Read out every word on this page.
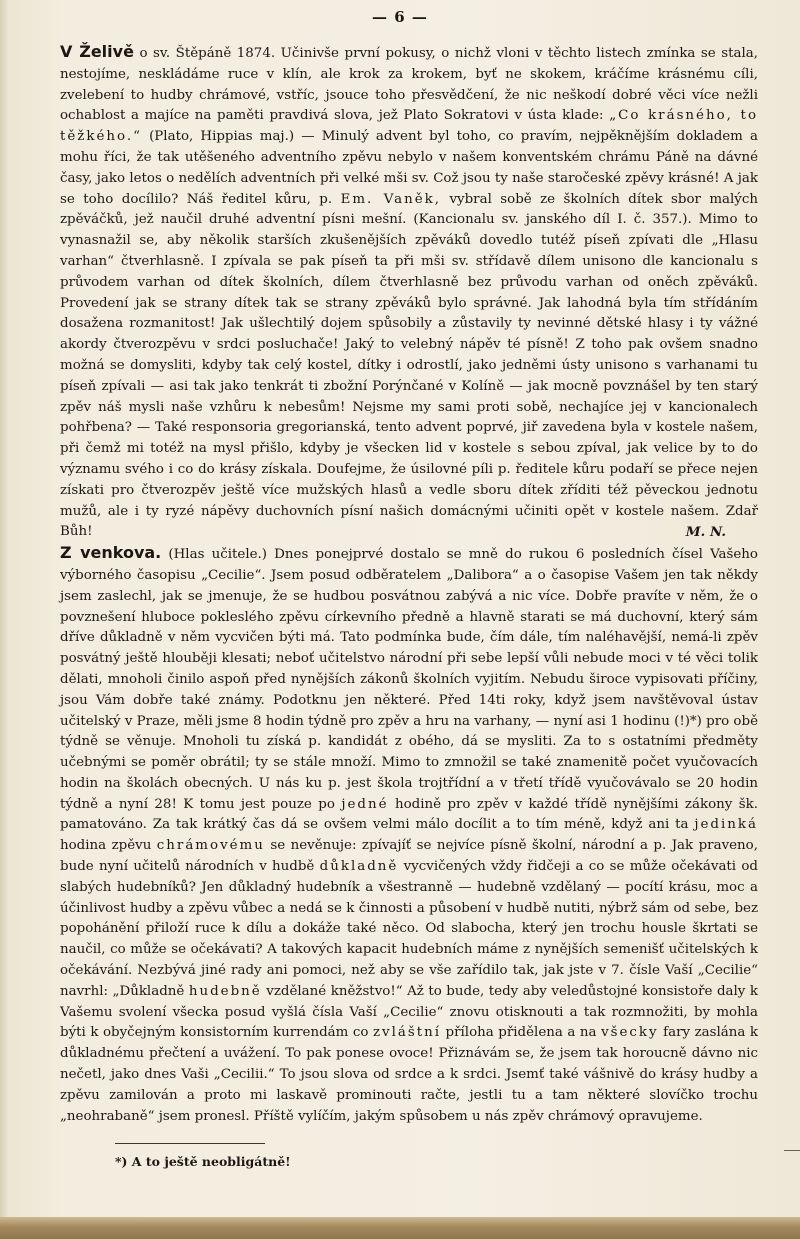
— 6 —

V Želivě o sv. Štěpáně 1874. Učinivše první pokusy, o nichž vloni v těchto listech zmínka se stala, nestojíme, neskládáme ruce v klín, ale krok za krokem, byť ne skokem, kráčíme krásnému cíli, zvelebení to hudby chrámové, vstříc, jsouce toho přesvědčení, že nic neškodí dobré věci více nežli ochablost a majíce na paměti pravdivá slova, jež Plato Sokratovi v ústa klade: „Co krásného, to těžkého.“ (Plato, Hippias maj.) — Minulý advent byl toho, co pravím, nejpěknějším dokladem a mohu říci, že tak utěšeného adventního zpěvu nebylo v našem konventském chrámu Páně na dávné časy, jako letos o nedělích adventních při velké mši sv. Což jsou ty naše staročeské zpěvy krásné! A jak se toho docílilo? Náš ředitel kůru, p. Em. Vaněk, vybral sobě ze školních dítek sbor malých zpěváčků, jež naučil druhé adventní písni mešní. (Kancionalu sv. janského díl I. č. 357.). Mimo to vynasnažil se, aby několik starších zkušenějších zpěváků dovedlo tutéž píseň zpívati dle „Hlasu varhan“ čtverhlasně. I zpívala se pak píseň ta při mši sv. střídavě dílem unisono dle kancionalu s průvodem varhan od dítek školních, dílem čtverhlasně bez průvodu varhan od oněch zpěváků. Provedení jak se strany dítek tak se strany zpěváků bylo správné. Jak lahodná byla tím střídáním dosažena rozmanitost! Jak ušlechtilý dojem spůsobily a zůstavily ty nevinné dětské hlasy i ty vážné akordy čtverozpěvu v srdci posluchače! Jaký to velebný nápěv té písně! Z toho pak ovšem snadno možná se domysliti, kdyby tak celý kostel, dítky i odrostlí, jako jedněmi ústy unisono s varhanami tu píseň zpívali — asi tak jako tenkrát ti zbožní Porýnčané v Kolíně — jak mocně povznášel by ten starý zpěv náš mysli naše vzhůru k nebesům! Nejsme my sami proti sobě, nechajíce jej v kancionalech pohřbena? — Také responsoria gregorianská, tento advent poprvé, jiř zavedena byla v kostele našem, při čemž mi totéž na mysl přišlo, kdyby je všecken lid v kostele s sebou zpíval, jak velice by to do významu svého i co do krásy získala. Doufejme, že úsilovné píli p. ředitele kůru podaří se přece nejen získati pro čtverozpěv ještě více mužských hlasů a vedle sboru dítek zříditi též pěveckou jednotu mužů, ale i ty ryzé nápěvy duchovních písní našich domácnými učiniti opět v kostele našem. Zdař Bůh!	M. N.

Z venkova. (Hlas učitele.) Dnes ponejprvé dostalo se mně do rukou 6 posledních čísel Vašeho výborného časopisu „Cecilie“. Jsem posud odběratelem „Dalibora“ a o časopise Vašem jen tak někdy jsem zaslechl, jak se jmenuje, že se hudbou posvátnou zabývá a nic více. Dobře pravíte v něm, že o povznešení hluboce pokleslého zpěvu církevního předně a hlavně starati se má duchovní, který sám dříve důkladně v něm vycvičen býti má. Tato podmínka bude, čím dále, tím naléhavější, nemá-li zpěv posvátný ještě hlouběji klesati; neboť učitelstvo národní při sebe lepší vůli nebude moci v té věci tolik dělati, mnoholi činilo aspoň před nynějších zákonů školních vyjitím. Nebudu široce vypisovati příčiny, jsou Vám dobře také známy. Podotknu jen některé. Před 14ti roky, když jsem navštěvoval ústav učitelský v Praze, měli jsme 8 hodin týdně pro zpěv a hru na varhany, — nyní asi 1 hodinu (!)*) pro obě týdně se věnuje. Mnoholi tu získá p. kandidát z obého, dá se mysliti. Za to s ostatními předměty učebnými se poměr obrátil; ty se stále množí. Mimo to zmnožil se také znamenitě počet vyučovacích hodin na školách obecných. U nás ku p. jest škola trojtřídní a v třetí třídě vyučovávalo se 20 hodin týdně a nyní 28! K tomu jest pouze po jedné hodině pro zpěv v každé třídě nynějšími zákony šk. pamatováno. Za tak krátký čas dá se ovšem velmi málo docílit a to tím méně, když ani ta jedinká hodina zpěvu chrámovému se nevěnuje: zpívajíť se nejvíce písně školní, národní a p. Jak praveno, bude nyní učitelů národních v hudbě důkladně vycvičených vždy řidčeji a co se může očekávati od slabých hudebníků? Jen důkladný hudebník a všestranně — hudebně vzdělaný — pocítí krásu, moc a účinlivost hudby a zpěvu vůbec a nedá se k činnosti a působení v hudbě nutiti, nýbrž sám od sebe, bez popohánění přiloží ruce k dílu a dokáže také něco. Od slabocha, který jen trochu housle škrtati se naučil, co může se očekávati? A takových kapacit hudebních máme z nynějších semenišť učitelských k očekávání. Nezbývá jiné rady ani pomoci, než aby se vše zařídilo tak, jak jste v 7. čísle Vaší „Cecilie“ navrhl: „Důkladně hudebně vzdělané kněžstvo!“ Až to bude, tedy aby veledůstojné konsistoře daly k Vašemu svolení všecka posud vyšlá čísla Vaší „Cecilie“ znovu otisknouti a tak rozmnožiti, by mohla býti k obyčejným konsistorním kurrendám co zvláštní příloha přidělena a na všecky fary zaslána k důkladnému přečtení a uvážení. To pak ponese ovoce! Přiznávám se, že jsem tak horoucně dávno nic nečetl, jako dnes Vaši „Cecilii.“ To jsou slova od srdce a k srdci. Jsemť také vášnivě do krásy hudby a zpěvu zamilován a proto mi laskavě prominouti račte, jestli tu a tam některé slovíčko trochu „neohrabaně“ jsem pronesl. Příště vylíčím, jakým spůsobem u nás zpěv chrámový opravujeme.

*) A to ještě neobligátně!
